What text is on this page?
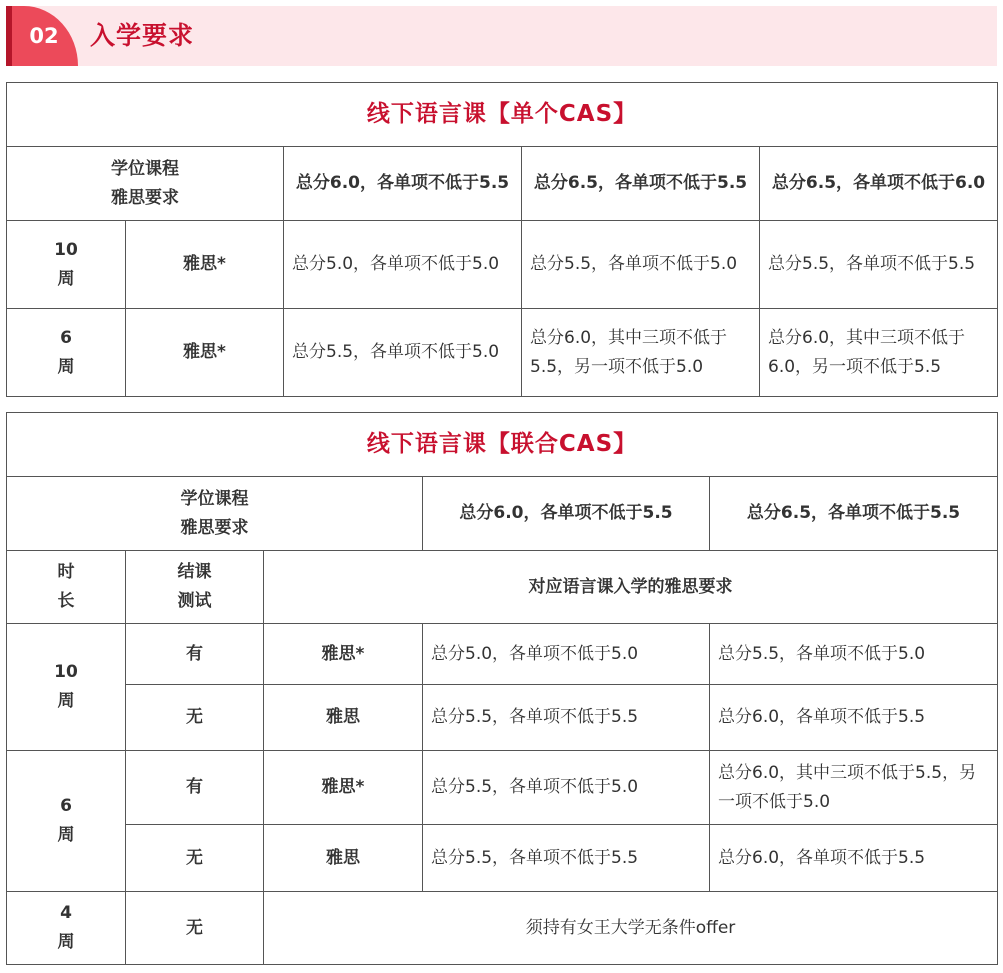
02 入学要求
线下语言课【单个CAS】				

学位课程
雅思要求		总分6.0，各单项不低于5.5	总分6.5，各单项不低于5.5	总分6.5，各单项不低于6.0

10
周	雅思*	总分5.0，各单项不低于5.0	总分5.5，各单项不低于5.0	总分5.5，各单项不低于5.5

6
周	雅思*	总分5.5，各单项不低于5.0	总分6.0，其中三项不低于5.5，另一项不低于5.0	总分6.0，其中三项不低于6.0，另一项不低于5.5
线下语言课【联合CAS】				

学位课程
雅思要求			总分6.0，各单项不低于5.5	总分6.5，各单项不低于5.5

时
长	结课
测试	对应语言课入学的雅思要求		

10
周	有	雅思*	总分5.0，各单项不低于5.0	总分5.5，各单项不低于5.0
	无	雅思	总分5.5，各单项不低于5.5	总分6.0，各单项不低于5.5

6
周	有	雅思*	总分5.5，各单项不低于5.0	总分6.0，其中三项不低于5.5，另一项不低于5.0
	无	雅思	总分5.5，各单项不低于5.5	总分6.0，各单项不低于5.5

4
周	无	须持有女王大学无条件offer		
